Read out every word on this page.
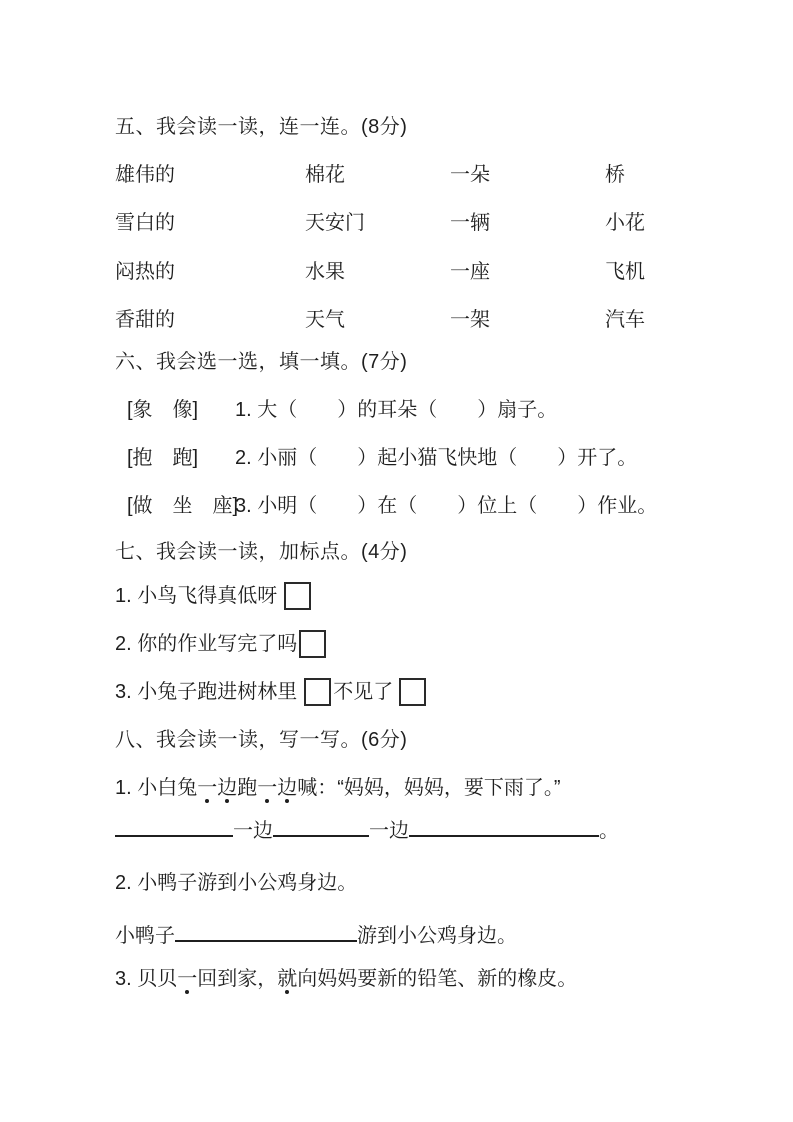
五、我会读一读，连一连。(8分)
雄伟的	棉花	一朵	桥
雪白的	天安门	一辆	小花
闷热的	水果	一座	飞机
香甜的	天气	一架	汽车
六、我会选一选，填一填。(7分)
[象　像] 1. 大（　　）的耳朵（　　）扇子。
[抱　跑] 2. 小丽（　　）起小猫飞快地（　　）开了。
[做　坐　座]
3. 小明（　　）在（　　）位上（　　）作业。
七、我会读一读，加标点。(4分)
1. 小鸟飞得真低呀
2. 你的作业写完了吗
3. 小兔子跑进树林里 不见了
八、我会读一读，写一写。(6分)
1. 小白兔一边跑一边喊：“妈妈，妈妈，要下雨了。”
一边	一边	。
2. 小鸭子游到小公鸡身边。
小鸭子	游到小公鸡身边。
3. 贝贝一回到家，就向妈妈要新的铅笔、新的橡皮。
